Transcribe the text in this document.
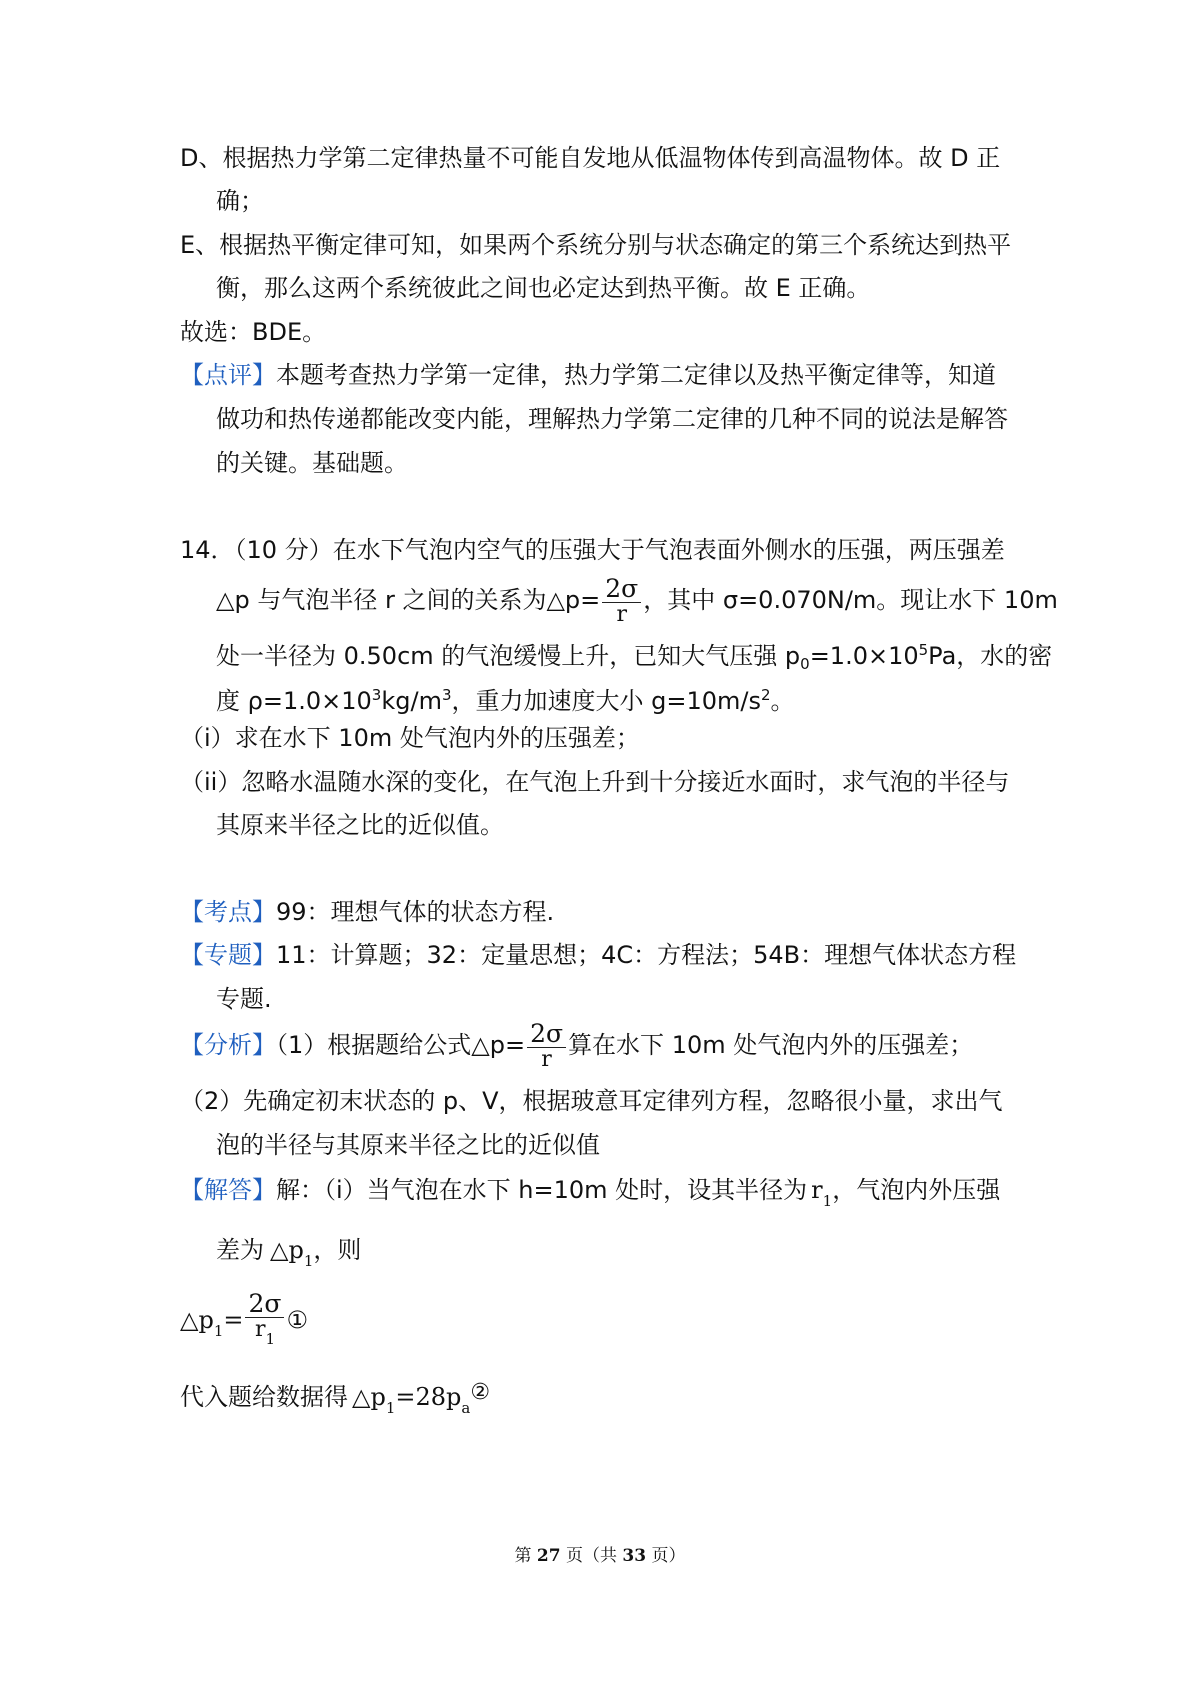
D、根据热力学第二定律热量不可能自发地从低温物体传到高温物体。故 D 正
确；
E、根据热平衡定律可知，如果两个系统分别与状态确定的第三个系统达到热平
衡，那么这两个系统彼此之间也必定达到热平衡。故 E 正确。
故选：BDE。
【点评】本题考查热力学第一定律，热力学第二定律以及热平衡定律等，知道
做功和热传递都能改变内能，理解热力学第二定律的几种不同的说法是解答
的关键。基础题。
14．（10 分）在水下气泡内空气的压强大于气泡表面外侧水的压强，两压强差
△p 与气泡半径 r 之间的关系为△p= $\frac{2\sigma}{r}$ ，其中 σ=0.070N/m。现让水下 10m
处一半径为 0.50cm 的气泡缓慢上升，已知大气压强 $p_0=1.0\times 10^5Pa$，水的密
度 $\rho=1.0\times 10^3kg/m^3$，重力加速度大小 $g=10m/s^2$。
（i）求在水下 10m 处气泡内外的压强差；
（ii）忽略水温随水深的变化，在气泡上升到十分接近水面时，求气泡的半径与
其原来半径之比的近似值。
【考点】99：理想气体的状态方程.
【专题】11：计算题；32：定量思想；4C：方程法；54B：理想气体状态方程
专题.
【分析】（1）根据题给公式△p= $\frac{2\sigma}{r}$ 算在水下 10m 处气泡内外的压强差；
（2）先确定初末状态的 p、V，根据玻意耳定律列方程，忽略很小量，求出气
泡的半径与其原来半径之比的近似值
【解答】解：（i）当气泡在水下 h=10m 处时，设其半径为 $r_1$，气泡内外压强
差为 $\triangle p_1$，则
$\triangle p_1= \frac{2\sigma}{r_1}$ ①
代入题给数据得 $\triangle p_1=28p_a②$
第 27 页（共 33 页）
